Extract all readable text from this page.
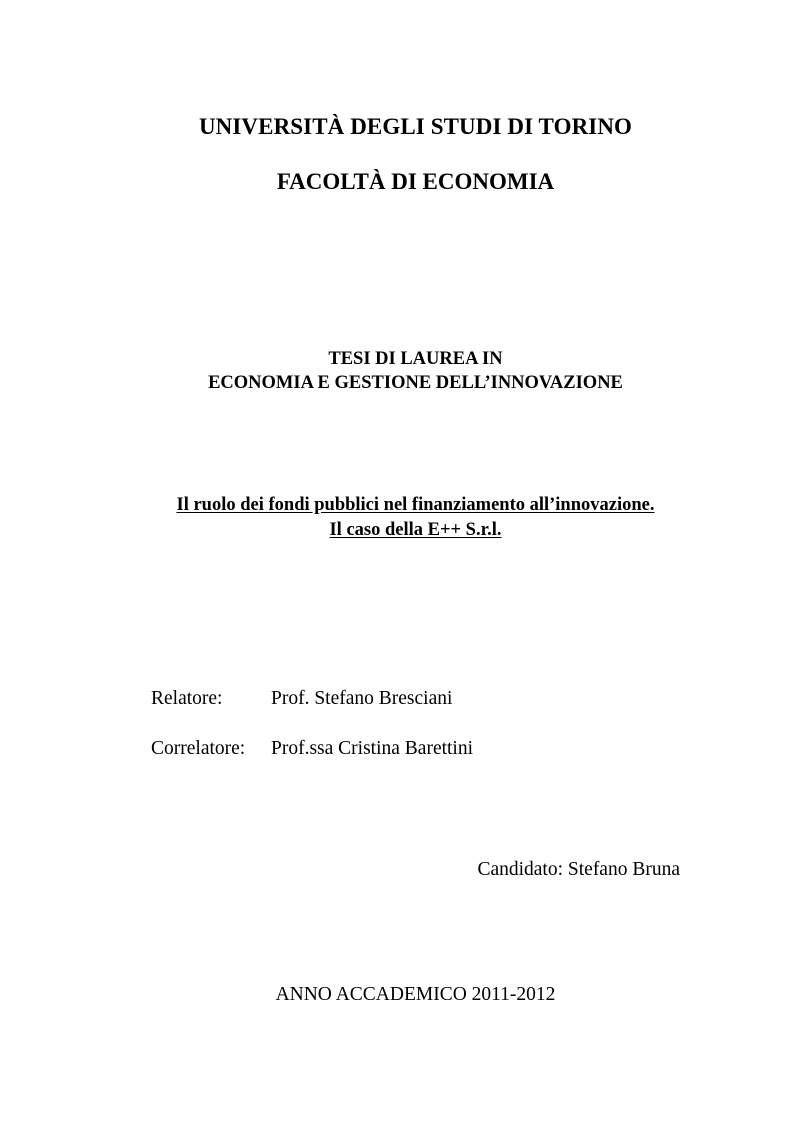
UNIVERSITÀ DEGLI STUDI DI TORINO
FACOLTÀ DI ECONOMIA
TESI DI LAUREA IN
ECONOMIA E GESTIONE DELL’INNOVAZIONE
Il ruolo dei fondi pubblici nel finanziamento all’innovazione.
Il caso della E++ S.r.l.
Relatore: Prof. Stefano Bresciani
Correlatore: Prof.ssa Cristina Barettini
Candidato: Stefano Bruna
ANNO ACCADEMICO 2011-2012
